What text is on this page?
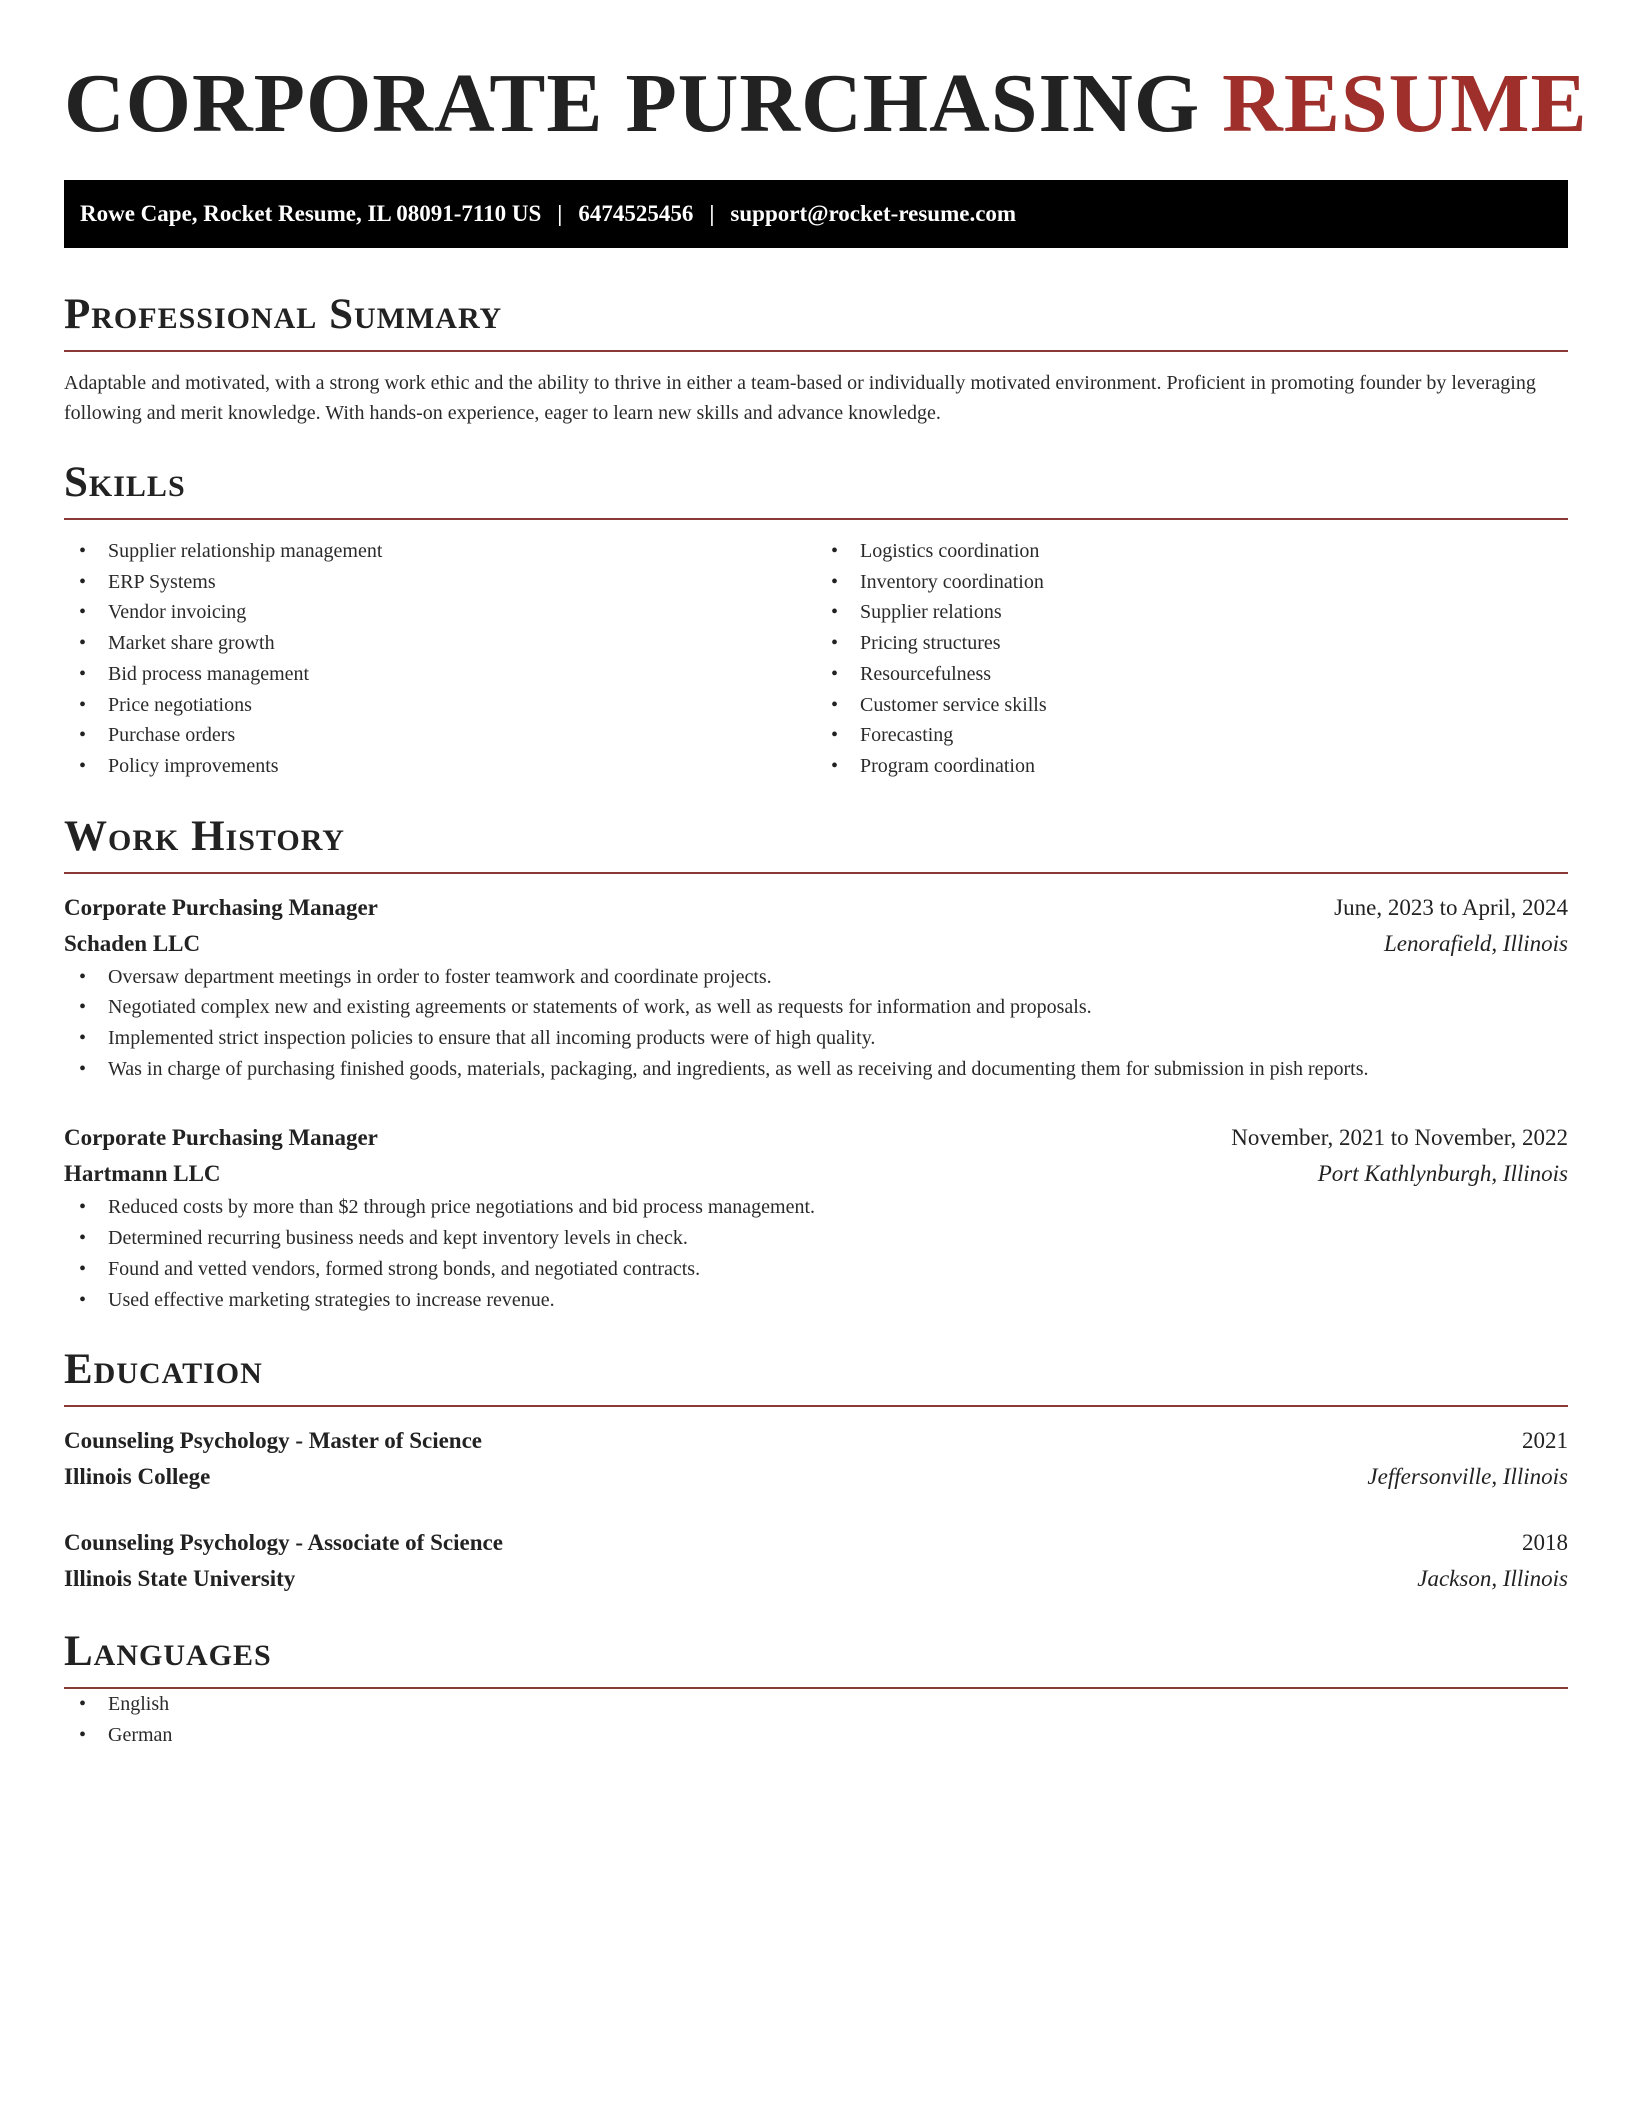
CORPORATE PURCHASING RESUME
Rowe Cape, Rocket Resume, IL 08091-7110 US | 6474525456 | support@rocket-resume.com
Professional Summary

Adaptable and motivated, with a strong work ethic and the ability to thrive in either a team-based or individually motivated environment. Proficient in promoting founder by leveraging following and merit knowledge. With hands-on experience, eager to learn new skills and advance knowledge.

Skills
• Supplier relationship management
• ERP Systems
• Vendor invoicing
• Market share growth
• Bid process management
• Price negotiations
• Purchase orders
• Policy improvements
• Logistics coordination
• Inventory coordination
• Supplier relations
• Pricing structures
• Resourcefulness
• Customer service skills
• Forecasting
• Program coordination
Work History
Corporate Purchasing Manager	June, 2023 to April, 2024
Schaden LLC	Lenorafield, Illinois
• Oversaw department meetings in order to foster teamwork and coordinate projects.
• Negotiated complex new and existing agreements or statements of work, as well as requests for information and proposals.
• Implemented strict inspection policies to ensure that all incoming products were of high quality.
• Was in charge of purchasing finished goods, materials, packaging, and ingredients, as well as receiving and documenting them for submission in pish reports.
Corporate Purchasing Manager	November, 2021 to November, 2022
Hartmann LLC	Port Kathlynburgh, Illinois
• Reduced costs by more than $2 through price negotiations and bid process management.
• Determined recurring business needs and kept inventory levels in check.
• Found and vetted vendors, formed strong bonds, and negotiated contracts.
• Used effective marketing strategies to increase revenue.
Education
Counseling Psychology - Master of Science	2021
Illinois College	Jeffersonville, Illinois
Counseling Psychology - Associate of Science	2018
Illinois State University	Jackson, Illinois
Languages
• English
• German
